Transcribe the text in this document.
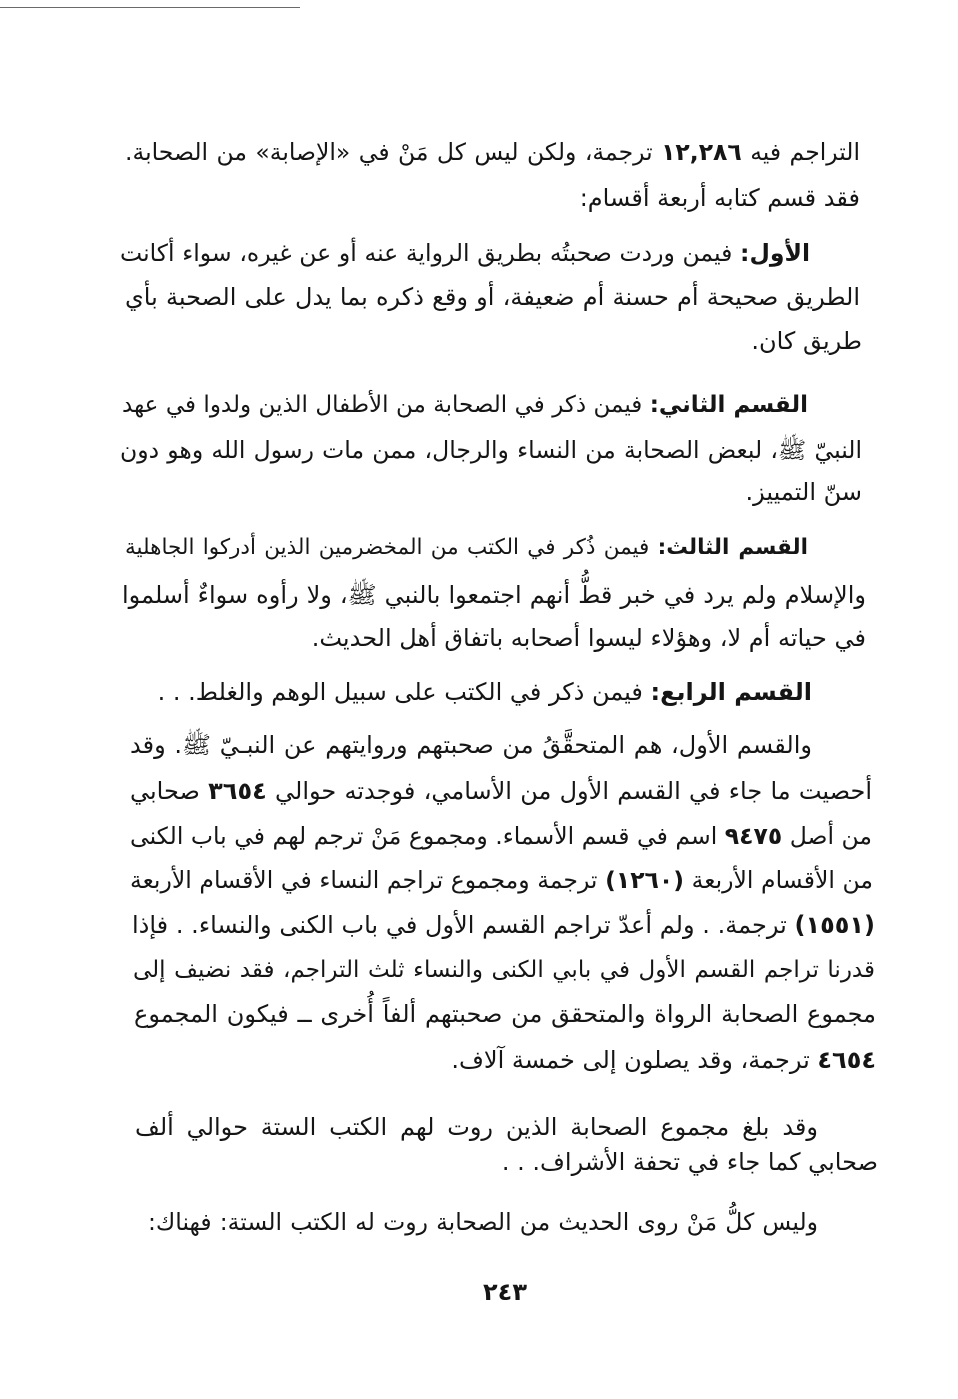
التراجم فيه ١٢,٢٨٦ ترجمة، ولكن ليس كل مَنْ في «الإصابة» من الصحابة.
فقد قسم كتابه أربعة أقسام:
الأول: فيمن وردت صحبتُه بطريق الرواية عنه أو عن غيره، سواء أكانت
الطريق صحيحة أم حسنة أم ضعيفة، أو وقع ذكره بما يدل على الصحبة بأي
طريق كان.
القسم الثاني: فيمن ذكر في الصحابة من الأطفال الذين ولدوا في عهد
النبيّ ﷺ، لبعض الصحابة من النساء والرجال، ممن مات رسول الله وهو دون
سنّ التمييز.
القسم الثالث: فيمن ذُكر في الكتب من المخضرمين الذين أدركوا الجاهلية
والإسلام ولم يرد في خبر قطُّ أنهم اجتمعوا بالنبي ﷺ، ولا رأوه سواءٌ أسلموا
في حياته أم لا، وهؤلاء ليسوا أصحابه باتفاق أهل الحديث.
القسم الرابع: فيمن ذكر في الكتب على سبيل الوهم والغلط. . .
والقسم الأول، هم المتحقَّقُ من صحبتهم وروايتهم عن النبـيّ ﷺ. وقد
أحصيت ما جاء في القسم الأول من الأسامي، فوجدته حوالي ٣٦٥٤ صحابي
من أصل ٩٤٧٥ اسم في قسم الأسماء. ومجموع مَنْ ترجم لهم في باب الكنى
من الأقسام الأربعة (١٢٦٠) ترجمة ومجموع تراجم النساء في الأقسام الأربعة
(١٥٥١) ترجمة. . ولم أعدّ تراجم القسم الأول في باب الكنى والنساء. . فإذا
قدرنا تراجم القسم الأول في بابي الكنى والنساء ثلث التراجم، فقد نضيف إلى
مجموع الصحابة الرواة والمتحقق من صحبتهم ألفاً أُخرى ــ فيكون المجموع
٤٦٥٤ ترجمة، وقد يصلون إلى خمسة آلاف.
وقد بلغ مجموع الصحابة الذين روت لهم الكتب الستة حوالي ألف
صحابي كما جاء في تحفة الأشراف. . .
وليس كلُّ مَنْ روى الحديث من الصحابة روت له الكتب الستة: فهناك:
٢٤٣
